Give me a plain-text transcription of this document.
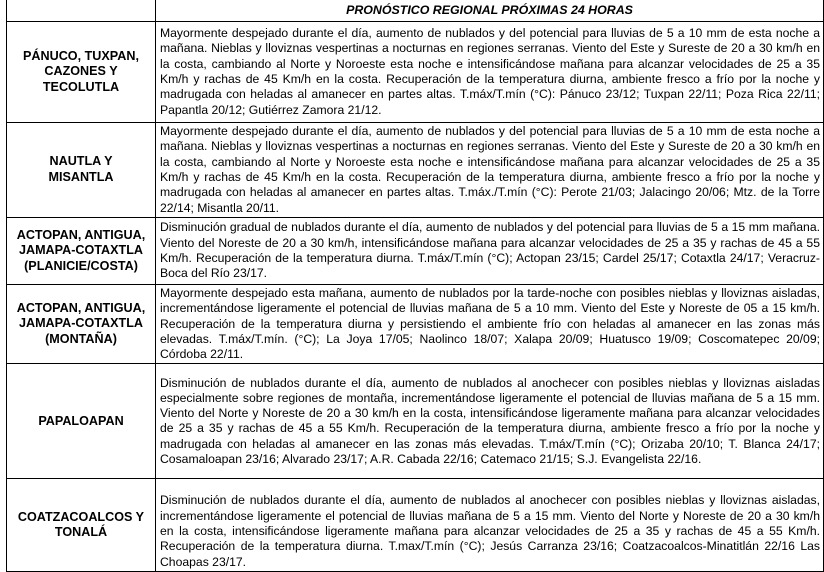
	PRONÓSTICO REGIONAL PRÓXIMAS 24 HORAS

PÁNUCO, TUXPAN, CAZONES Y TECOLUTLA	Mayormente despejado durante el día, aumento de nublados y del potencial para lluvias de 5 a 10 mm de esta noche a mañana. Nieblas y lloviznas vespertinas a nocturnas en regiones serranas. Viento del Este y Sureste de 20 a 30 km/h en la costa, cambiando al Norte y Noroeste esta noche e intensificándose mañana para alcanzar velocidades de 25 a 35 Km/h y rachas de 45 Km/h en la costa. Recuperación de la temperatura diurna, ambiente fresco a frío por la noche y madrugada con heladas al amanecer en partes altas. T.máx/T.mín (°C): Pánuco 23/12; Tuxpan 22/11; Poza Rica 22/11; Papantla 20/12; Gutiérrez Zamora 21/12.

NAUTLA Y MISANTLA	Mayormente despejado durante el día, aumento de nublados y del potencial para lluvias de 5 a 10 mm de esta noche a mañana. Nieblas y lloviznas vespertinas a nocturnas en regiones serranas. Viento del Este y Sureste de 20 a 30 km/h en la costa, cambiando al Norte y Noroeste esta noche e intensificándose mañana para alcanzar velocidades de 25 a 35 Km/h y rachas de 45 Km/h en la costa. Recuperación de la temperatura diurna, ambiente fresco a frío por la noche y madrugada con heladas al amanecer en partes altas. T.máx./T.mín (°C): Perote 21/03; Jalacingo 20/06; Mtz. de la Torre 22/14; Misantla 20/11.

ACTOPAN, ANTIGUA, JAMAPA-COTAXTLA (PLANICIE/COSTA)	Disminución gradual de nublados durante el día, aumento de nublados y del potencial para lluvias de 5 a 15 mm mañana. Viento del Noreste de 20 a 30 km/h, intensificándose mañana para alcanzar velocidades de 25 a 35 y rachas de 45 a 55 Km/h. Recuperación de la temperatura diurna. T.máx/T.mín (°C); Actopan 23/15; Cardel 25/17; Cotaxtla 24/17; Veracruz-Boca del Río 23/17.

ACTOPAN, ANTIGUA, JAMAPA-COTAXTLA (MONTAÑA)	Mayormente despejado esta mañana, aumento de nublados por la tarde-noche con posibles nieblas y lloviznas aisladas, incrementándose ligeramente el potencial de lluvias mañana de 5 a 10 mm. Viento del Este y Noreste de 05 a 15 km/h. Recuperación de la temperatura diurna y persistiendo el ambiente frío con heladas al amanecer en las zonas más elevadas. T.máx/T.mín. (°C); La Joya 17/05; Naolinco 18/07; Xalapa 20/09; Huatusco 19/09; Coscomatepec 20/09; Córdoba 22/11.

PAPALOAPAN	Disminución de nublados durante el día, aumento de nublados al anochecer con posibles nieblas y lloviznas aisladas especialmente sobre regiones de montaña, incrementándose ligeramente el potencial de lluvias mañana de 5 a 15 mm. Viento del Norte y Noreste de 20 a 30 km/h en la costa, intensificándose ligeramente mañana para alcanzar velocidades de 25 a 35 y rachas de 45 a 55 Km/h. Recuperación de la temperatura diurna, ambiente fresco a frío por la noche y madrugada con heladas al amanecer en las zonas más elevadas. T.máx/T.mín (°C); Orizaba 20/10; T. Blanca 24/17; Cosamaloapan 23/16; Alvarado 23/17; A.R. Cabada 22/16; Catemaco 21/15; S.J. Evangelista 22/16.

COATZACOALCOS Y TONALÁ	Disminución de nublados durante el día, aumento de nublados al anochecer con posibles nieblas y lloviznas aisladas, incrementándose ligeramente el potencial de lluvias mañana de 5 a 15 mm. Viento del Norte y Noreste de 20 a 30 km/h en la costa, intensificándose ligeramente mañana para alcanzar velocidades de 25 a 35 y rachas de 45 a 55 Km/h. Recuperación de la temperatura diurna. T.max/T.mín (°C); Jesús Carranza 23/16; Coatzacoalcos-Minatitlán 22/16 Las Choapas 23/17.
